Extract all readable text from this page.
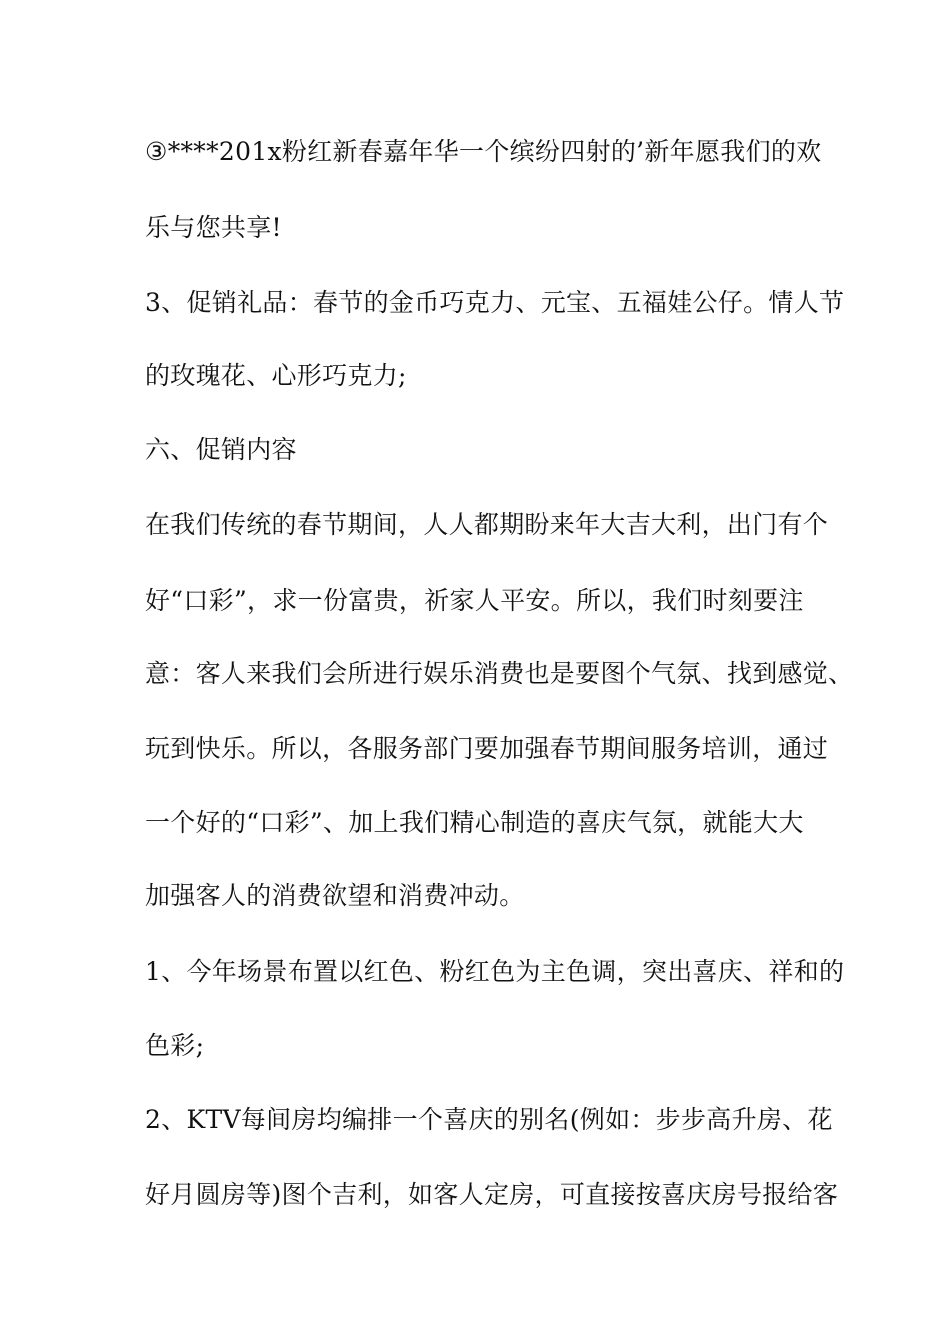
③****201x粉红新春嘉年华一个缤纷四射的’新年愿我们的欢
乐与您共享!
3、促销礼品：春节的金币巧克力、元宝、五福娃公仔。情人节
的玫瑰花、心形巧克力;
六、促销内容
在我们传统的春节期间，人人都期盼来年大吉大利，出门有个
好“口彩”，求一份富贵，祈家人平安。所以，我们时刻要注
意：客人来我们会所进行娱乐消费也是要图个气氛、找到感觉、
玩到快乐。所以，各服务部门要加强春节期间服务培训，通过
一个好的“口彩”、加上我们精心制造的喜庆气氛，就能大大
加强客人的消费欲望和消费冲动。
1、今年场景布置以红色、粉红色为主色调，突出喜庆、祥和的
色彩;
2、KTV每间房均编排一个喜庆的别名(例如：步步高升房、花
好月圆房等)图个吉利，如客人定房，可直接按喜庆房号报给客
